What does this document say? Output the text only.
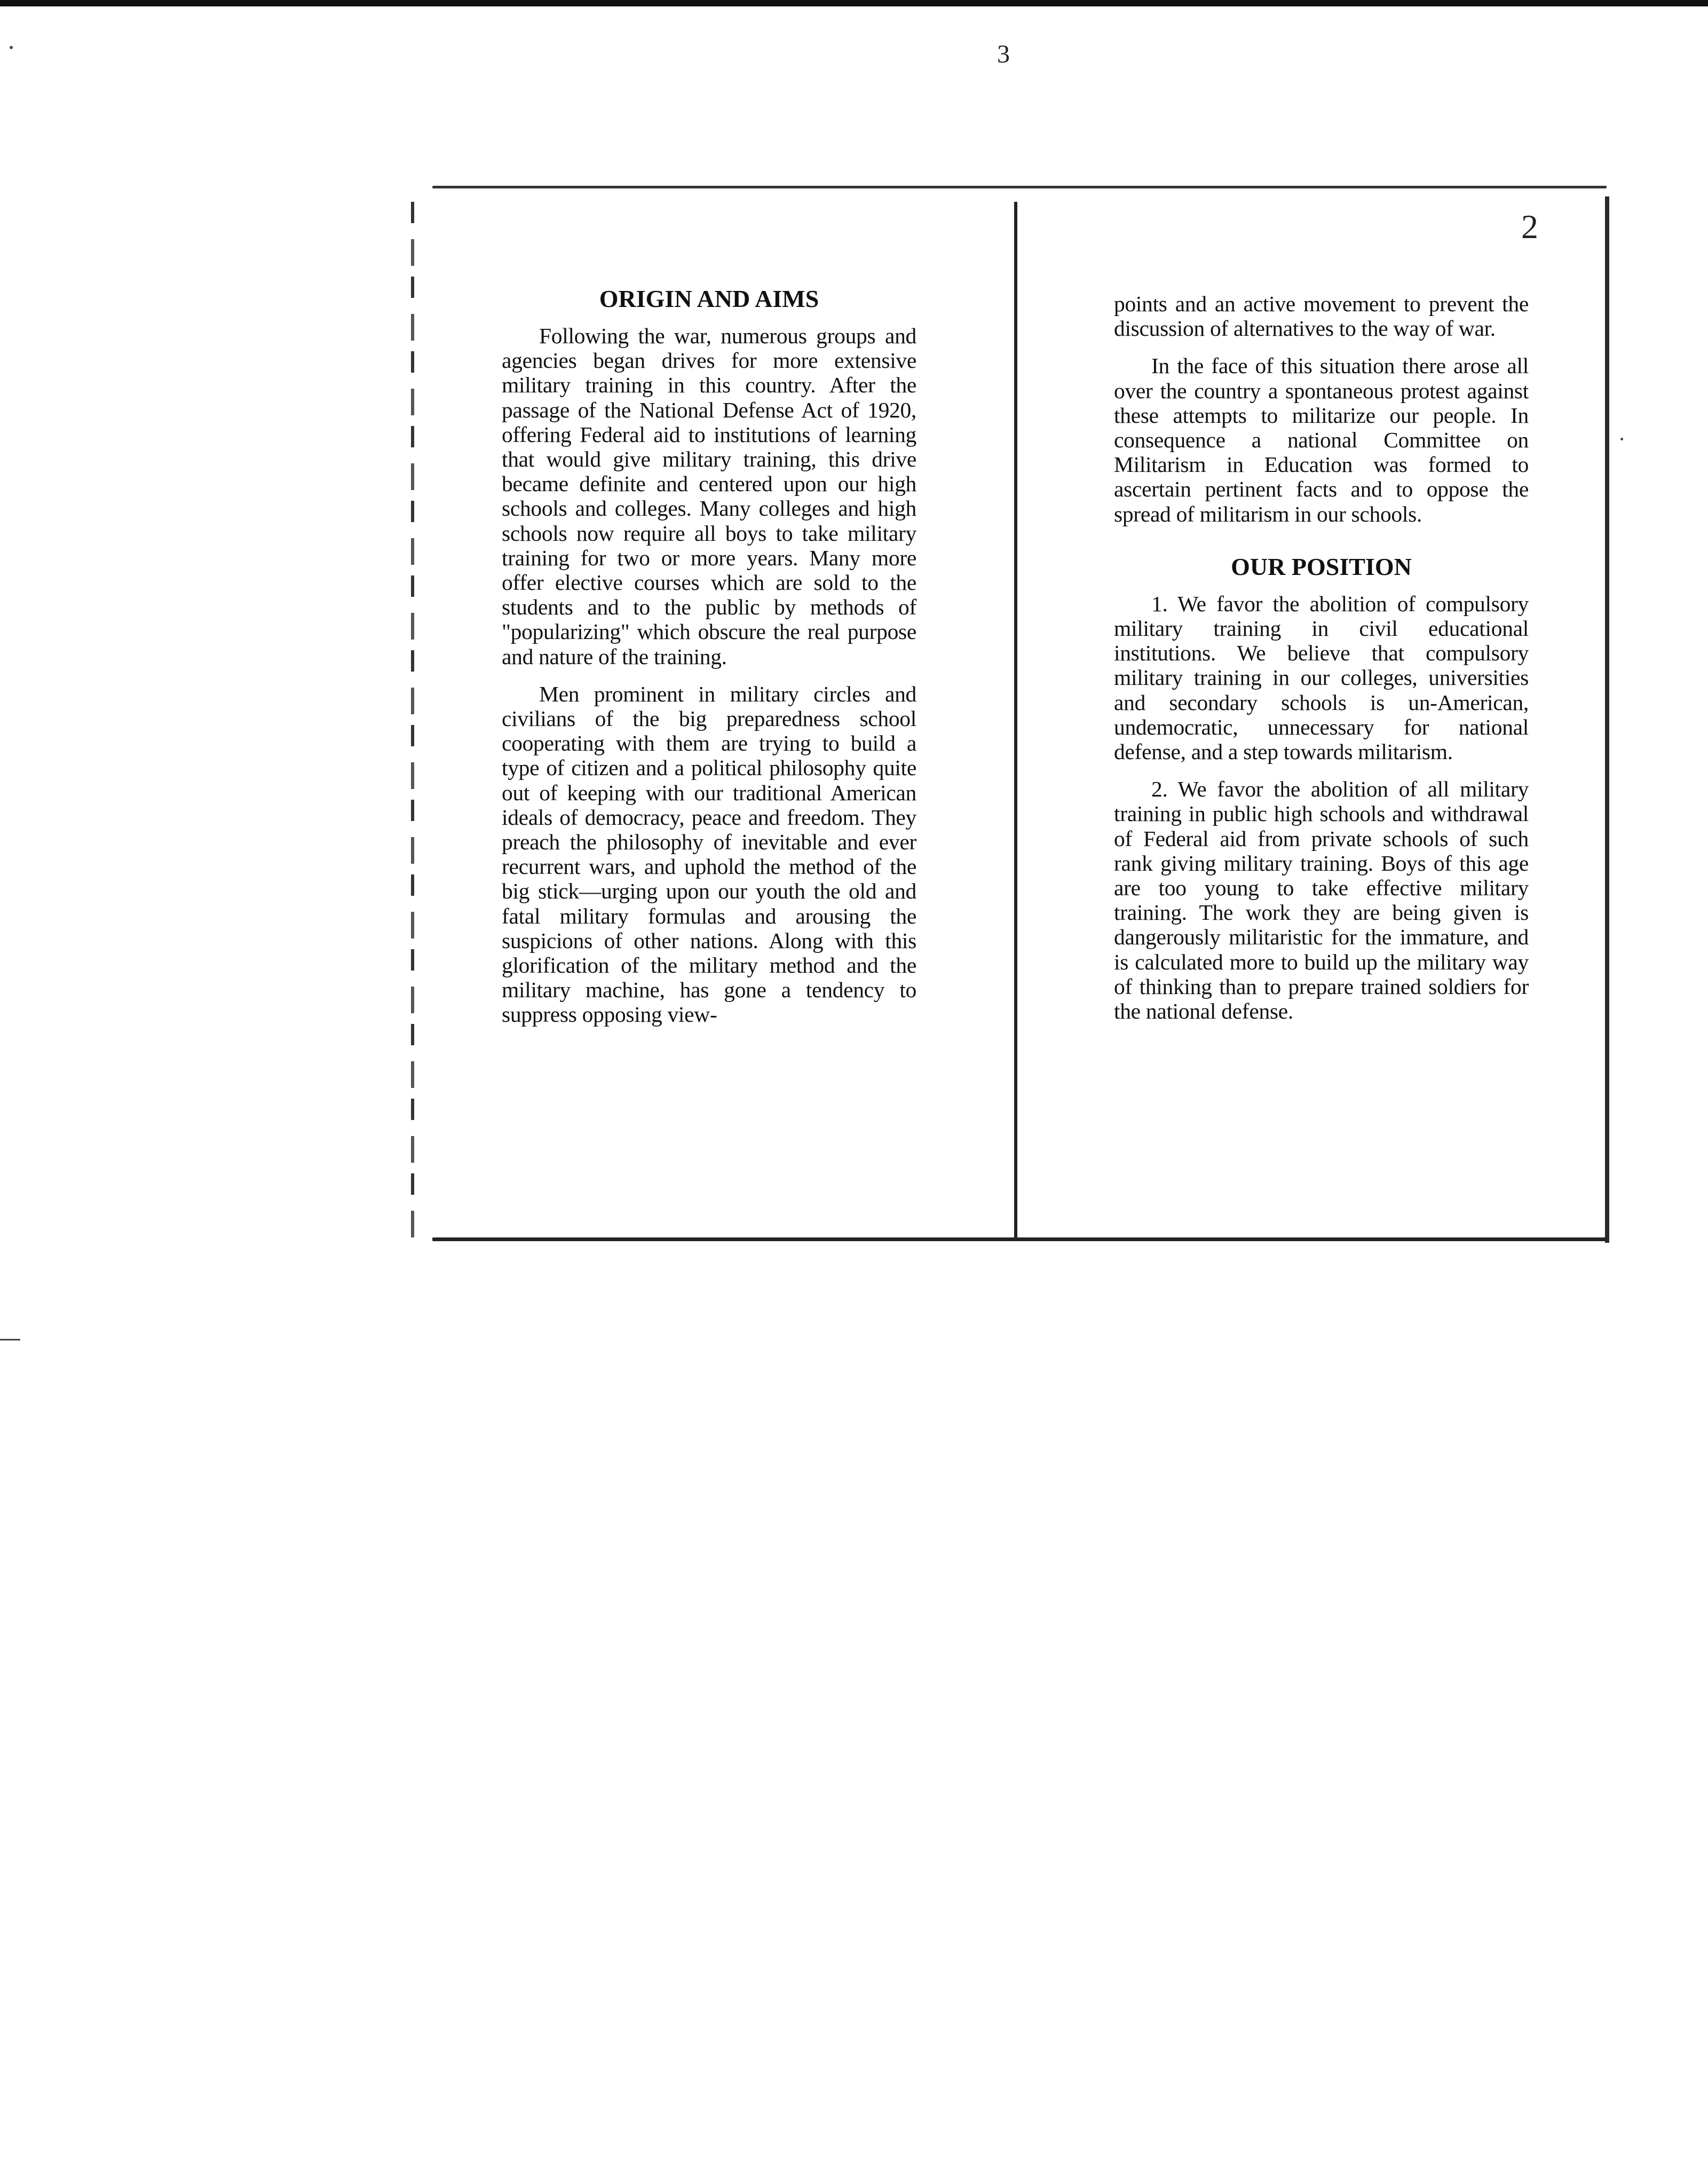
3
2
ORIGIN AND AIMS

Following the war, numerous groups and agencies began drives for more extensive military training in this country. After the passage of the National Defense Act of 1920, offering Federal aid to institutions of learning that would give military training, this drive became definite and centered upon our high schools and colleges. Many colleges and high schools now require all boys to take military training for two or more years. Many more offer elective courses which are sold to the students and to the public by methods of "popularizing" which obscure the real purpose and nature of the training.

Men prominent in military circles and civilians of the big preparedness school cooperating with them are trying to build a type of citizen and a political philosophy quite out of keeping with our traditional American ideals of democracy, peace and freedom. They preach the philosophy of inevitable and ever recurrent wars, and uphold the method of the big stick—urging upon our youth the old and fatal military formulas and arousing the suspicions of other nations. Along with this glorification of the military method and the military machine, has gone a tendency to suppress opposing view-

points and an active movement to prevent the discussion of alternatives to the way of war.

In the face of this situation there arose all over the country a spontaneous protest against these attempts to militarize our people. In consequence a national Committee on Militarism in Education was formed to ascertain pertinent facts and to oppose the spread of militarism in our schools.

OUR POSITION

1. We favor the abolition of compulsory military training in civil educational institutions. We believe that compulsory military training in our colleges, universities and secondary schools is un-American, undemocratic, unnecessary for national defense, and a step towards militarism.

2. We favor the abolition of all military training in public high schools and withdrawal of Federal aid from private schools of such rank giving military training. Boys of this age are too young to take effective military training. The work they are being given is dangerously militaristic for the immature, and is calculated more to build up the military way of thinking than to prepare trained soldiers for the national defense.
